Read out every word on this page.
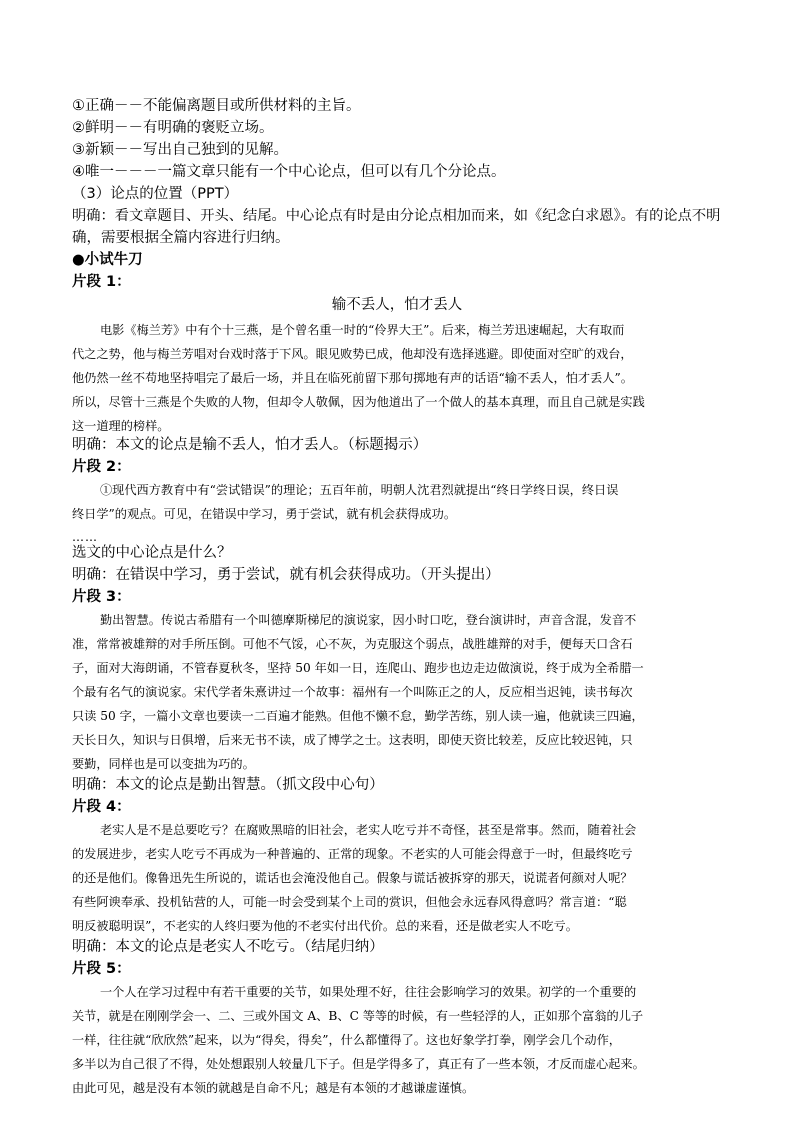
①正确－－不能偏离题目或所供材料的主旨。
②鲜明－－有明确的褒贬立场。
③新颖－－写出自己独到的见解。
④唯一－－－一篇文章只能有一个中心论点，但可以有几个分论点。
（3）论点的位置（PPT）
明确：看文章题目、开头、结尾。中心论点有时是由分论点相加而来，如《纪念白求恩》。有的论点不明
确，需要根据全篇内容进行归纳。
●小试牛刀
片段 1：
输不丢人，怕才丢人
电影《梅兰芳》中有个十三燕，是个曾名重一时的“伶界大王”。后来，梅兰芳迅速崛起，大有取而
代之之势，他与梅兰芳唱对台戏时落于下风。眼见败势已成，他却没有选择逃避。即使面对空旷的戏台，
他仍然一丝不苟地坚持唱完了最后一场，并且在临死前留下那句掷地有声的话语“输不丢人，怕才丢人”。
所以，尽管十三燕是个失败的人物，但却令人敬佩，因为他道出了一个做人的基本真理，而且自己就是实践
这一道理的榜样。
明确：本文的论点是输不丢人，怕才丢人。（标题揭示）
片段 2：
①现代西方教育中有“尝试错误”的理论；五百年前，明朝人沈君烈就提出“终日学终日误，终日误
终日学”的观点。可见，在错误中学习，勇于尝试，就有机会获得成功。
……
选文的中心论点是什么？
明确：在错误中学习，勇于尝试，就有机会获得成功。（开头提出）
片段 3：
勤出智慧。传说古希腊有一个叫德摩斯梯尼的演说家，因小时口吃，登台演讲时，声音含混，发音不
准，常常被雄辩的对手所压倒。可他不气馁，心不灰，为克服这个弱点，战胜雄辩的对手，便每天口含石
子，面对大海朗诵，不管春夏秋冬，坚持 50 年如一日，连爬山、跑步也边走边做演说，终于成为全希腊一
个最有名气的演说家。宋代学者朱熹讲过一个故事：福州有一个叫陈正之的人，反应相当迟钝，读书每次
只读 50 字，一篇小文章也要读一二百遍才能熟。但他不懒不怠，勤学苦练，别人读一遍，他就读三四遍，
天长日久，知识与日俱增，后来无书不读，成了博学之士。这表明，即使天资比较差，反应比较迟钝，只
要勤，同样也是可以变拙为巧的。
明确：本文的论点是勤出智慧。（抓文段中心句）
片段 4：
老实人是不是总要吃亏？在腐败黑暗的旧社会，老实人吃亏并不奇怪，甚至是常事。然而，随着社会
的发展进步，老实人吃亏不再成为一种普遍的、正常的现象。不老实的人可能会得意于一时，但最终吃亏
的还是他们。像鲁迅先生所说的，谎话也会淹没他自己。假象与谎话被拆穿的那天，说谎者何颜对人呢？
有些阿谀奉承、投机钻营的人，可能一时会受到某个上司的赏识，但他会永远春风得意吗？常言道：“聪
明反被聪明误”，不老实的人终归要为他的不老实付出代价。总的来看，还是做老实人不吃亏。
明确：本文的论点是老实人不吃亏。（结尾归纳）
片段 5：
一个人在学习过程中有若干重要的关节，如果处理不好，往往会影响学习的效果。初学的一个重要的
关节，就是在刚刚学会一、二、三或外国文 A、B、C 等等的时候，有一些轻浮的人，正如那个富翁的儿子
一样，往往就“欣欣然”起来，以为“得矣，得矣”，什么都懂得了。这也好象学打拳，刚学会几个动作，
多半以为自己很了不得，处处想跟别人较量几下子。但是学得多了，真正有了一些本领，才反而虚心起来。
由此可见，越是没有本领的就越是自命不凡；越是有本领的才越谦虚谨慎。
